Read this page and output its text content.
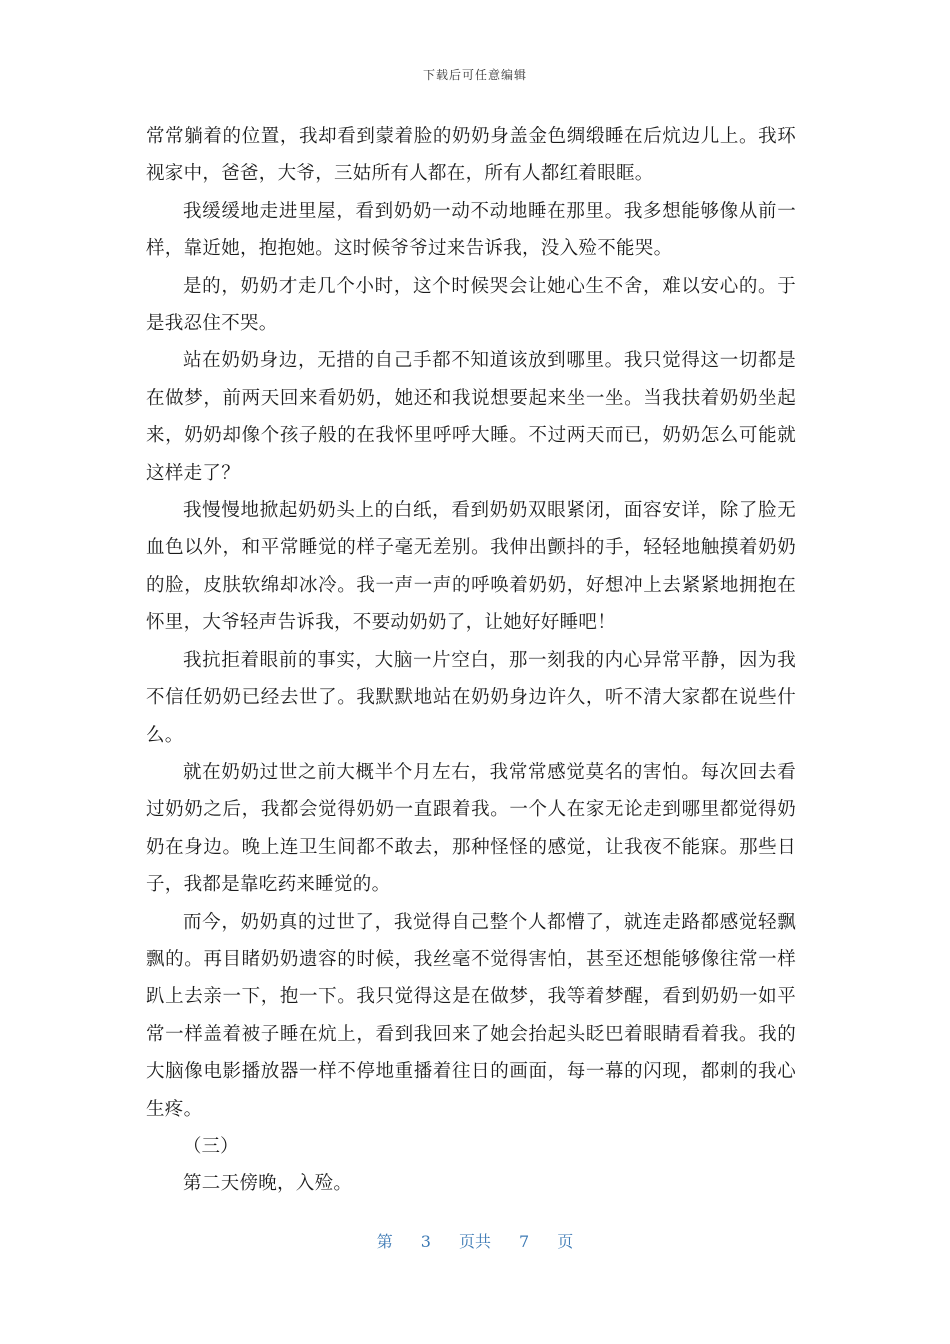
下载后可任意编辑

常常躺着的位置，我却看到蒙着脸的奶奶身盖金色绸缎睡在后炕边儿上。我环视家中，爸爸，大爷，三姑所有人都在，所有人都红着眼眶。

我缓缓地走进里屋，看到奶奶一动不动地睡在那里。我多想能够像从前一样，靠近她，抱抱她。这时候爷爷过来告诉我，没入殓不能哭。

是的，奶奶才走几个小时，这个时候哭会让她心生不舍，难以安心的。于是我忍住不哭。

站在奶奶身边，无措的自己手都不知道该放到哪里。我只觉得这一切都是在做梦，前两天回来看奶奶，她还和我说想要起来坐一坐。当我扶着奶奶坐起来，奶奶却像个孩子般的在我怀里呼呼大睡。不过两天而已，奶奶怎么可能就这样走了？

我慢慢地掀起奶奶头上的白纸，看到奶奶双眼紧闭，面容安详，除了脸无血色以外，和平常睡觉的样子毫无差别。我伸出颤抖的手，轻轻地触摸着奶奶的脸，皮肤软绵却冰冷。我一声一声的呼唤着奶奶，好想冲上去紧紧地拥抱在怀里，大爷轻声告诉我，不要动奶奶了，让她好好睡吧！

我抗拒着眼前的事实，大脑一片空白，那一刻我的内心异常平静，因为我不信任奶奶已经去世了。我默默地站在奶奶身边许久，听不清大家都在说些什么。

就在奶奶过世之前大概半个月左右，我常常感觉莫名的害怕。每次回去看过奶奶之后，我都会觉得奶奶一直跟着我。一个人在家无论走到哪里都觉得奶奶在身边。晚上连卫生间都不敢去，那种怪怪的感觉，让我夜不能寐。那些日子，我都是靠吃药来睡觉的。

而今，奶奶真的过世了，我觉得自己整个人都懵了，就连走路都感觉轻飘飘的。再目睹奶奶遗容的时候，我丝毫不觉得害怕，甚至还想能够像往常一样趴上去亲一下，抱一下。我只觉得这是在做梦，我等着梦醒，看到奶奶一如平常一样盖着被子睡在炕上，看到我回来了她会抬起头眨巴着眼睛看着我。我的大脑像电影播放器一样不停地重播着往日的画面，每一幕的闪现，都刺的我心生疼。

（三）

第二天傍晚，入殓。

第 3 页共 7 页
